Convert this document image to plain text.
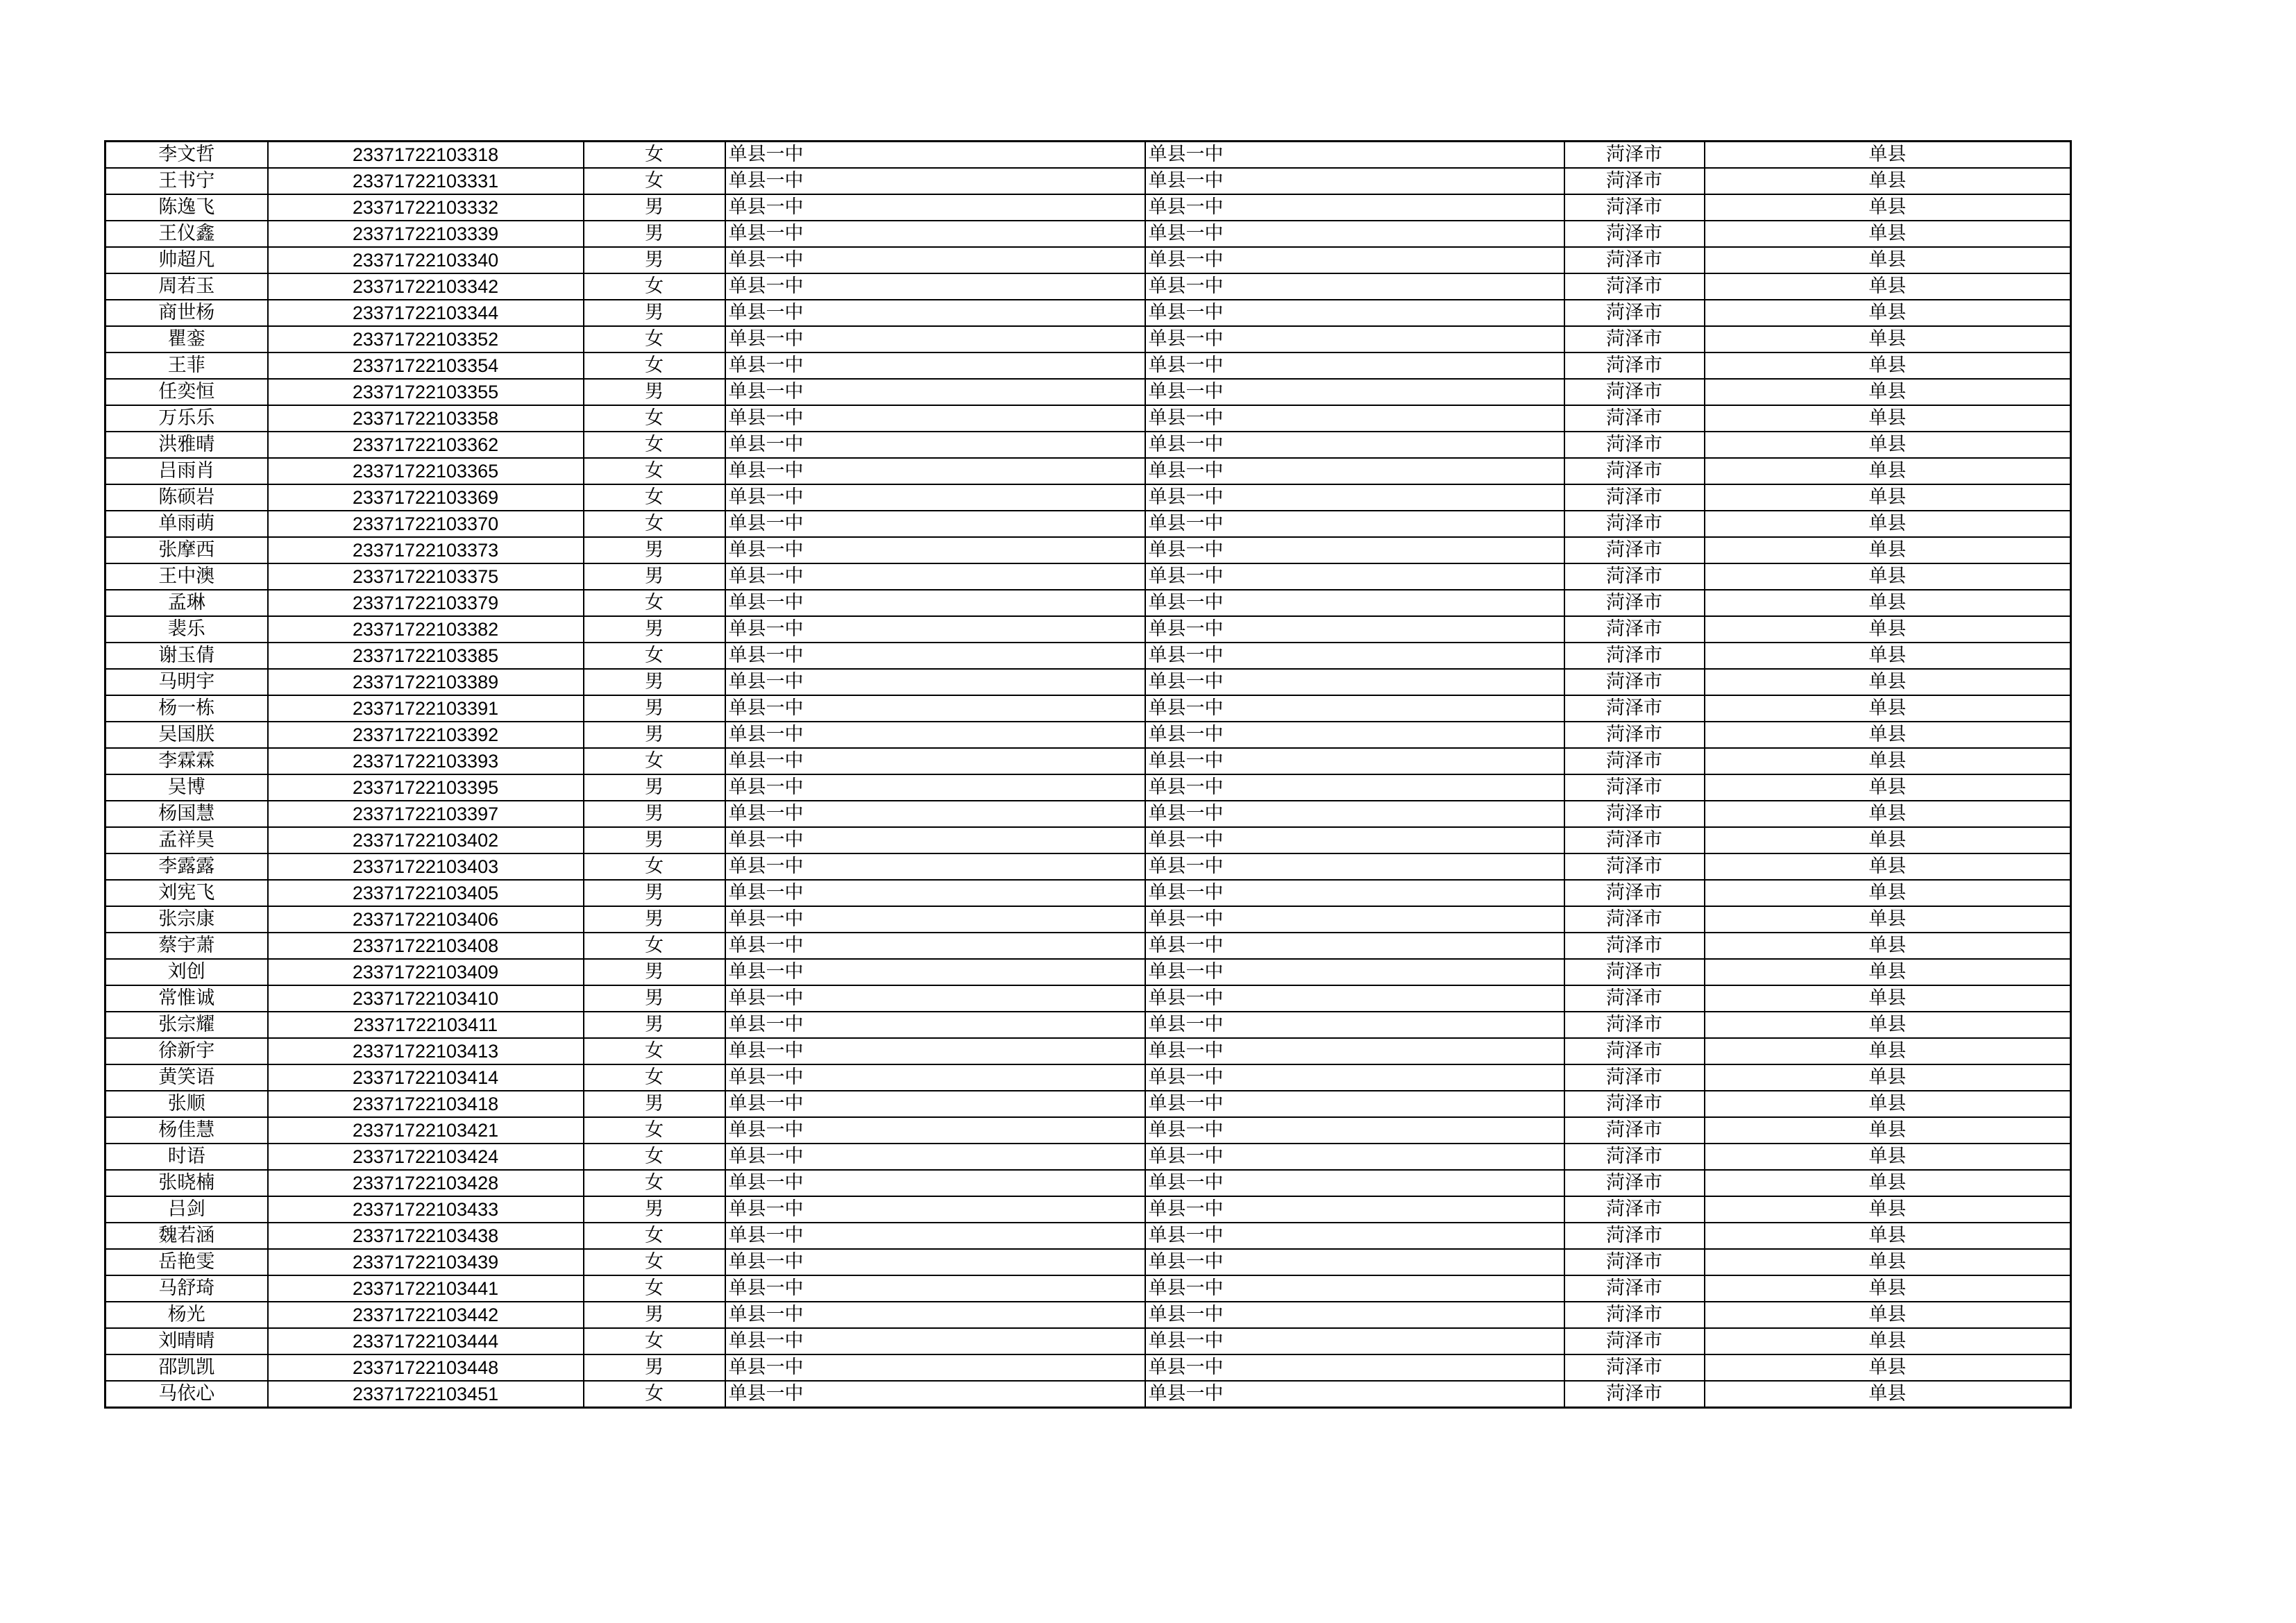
李文哲	23371722103318	女	单县一中	单县一中	菏泽市	单县
王书宁	23371722103331	女	单县一中	单县一中	菏泽市	单县
陈逸飞	23371722103332	男	单县一中	单县一中	菏泽市	单县
王仪鑫	23371722103339	男	单县一中	单县一中	菏泽市	单县
帅超凡	23371722103340	男	单县一中	单县一中	菏泽市	单县
周若玉	23371722103342	女	单县一中	单县一中	菏泽市	单县
商世杨	23371722103344	男	单县一中	单县一中	菏泽市	单县
瞿銮	23371722103352	女	单县一中	单县一中	菏泽市	单县
王菲	23371722103354	女	单县一中	单县一中	菏泽市	单县
任奕恒	23371722103355	男	单县一中	单县一中	菏泽市	单县
万乐乐	23371722103358	女	单县一中	单县一中	菏泽市	单县
洪雅晴	23371722103362	女	单县一中	单县一中	菏泽市	单县
吕雨肖	23371722103365	女	单县一中	单县一中	菏泽市	单县
陈硕岩	23371722103369	女	单县一中	单县一中	菏泽市	单县
单雨萌	23371722103370	女	单县一中	单县一中	菏泽市	单县
张摩西	23371722103373	男	单县一中	单县一中	菏泽市	单县
王中澳	23371722103375	男	单县一中	单县一中	菏泽市	单县
孟琳	23371722103379	女	单县一中	单县一中	菏泽市	单县
裴乐	23371722103382	男	单县一中	单县一中	菏泽市	单县
谢玉倩	23371722103385	女	单县一中	单县一中	菏泽市	单县
马明宇	23371722103389	男	单县一中	单县一中	菏泽市	单县
杨一栋	23371722103391	男	单县一中	单县一中	菏泽市	单县
吴国朕	23371722103392	男	单县一中	单县一中	菏泽市	单县
李霖霖	23371722103393	女	单县一中	单县一中	菏泽市	单县
吴博	23371722103395	男	单县一中	单县一中	菏泽市	单县
杨国慧	23371722103397	男	单县一中	单县一中	菏泽市	单县
孟祥昊	23371722103402	男	单县一中	单县一中	菏泽市	单县
李露露	23371722103403	女	单县一中	单县一中	菏泽市	单县
刘宪飞	23371722103405	男	单县一中	单县一中	菏泽市	单县
张宗康	23371722103406	男	单县一中	单县一中	菏泽市	单县
蔡宇萧	23371722103408	女	单县一中	单县一中	菏泽市	单县
刘创	23371722103409	男	单县一中	单县一中	菏泽市	单县
常惟诚	23371722103410	男	单县一中	单县一中	菏泽市	单县
张宗耀	23371722103411	男	单县一中	单县一中	菏泽市	单县
徐新宇	23371722103413	女	单县一中	单县一中	菏泽市	单县
黄笑语	23371722103414	女	单县一中	单县一中	菏泽市	单县
张顺	23371722103418	男	单县一中	单县一中	菏泽市	单县
杨佳慧	23371722103421	女	单县一中	单县一中	菏泽市	单县
时语	23371722103424	女	单县一中	单县一中	菏泽市	单县
张晓楠	23371722103428	女	单县一中	单县一中	菏泽市	单县
吕剑	23371722103433	男	单县一中	单县一中	菏泽市	单县
魏若涵	23371722103438	女	单县一中	单县一中	菏泽市	单县
岳艳雯	23371722103439	女	单县一中	单县一中	菏泽市	单县
马舒琦	23371722103441	女	单县一中	单县一中	菏泽市	单县
杨光	23371722103442	男	单县一中	单县一中	菏泽市	单县
刘晴晴	23371722103444	女	单县一中	单县一中	菏泽市	单县
邵凯凯	23371722103448	男	单县一中	单县一中	菏泽市	单县
马依心	23371722103451	女	单县一中	单县一中	菏泽市	单县
